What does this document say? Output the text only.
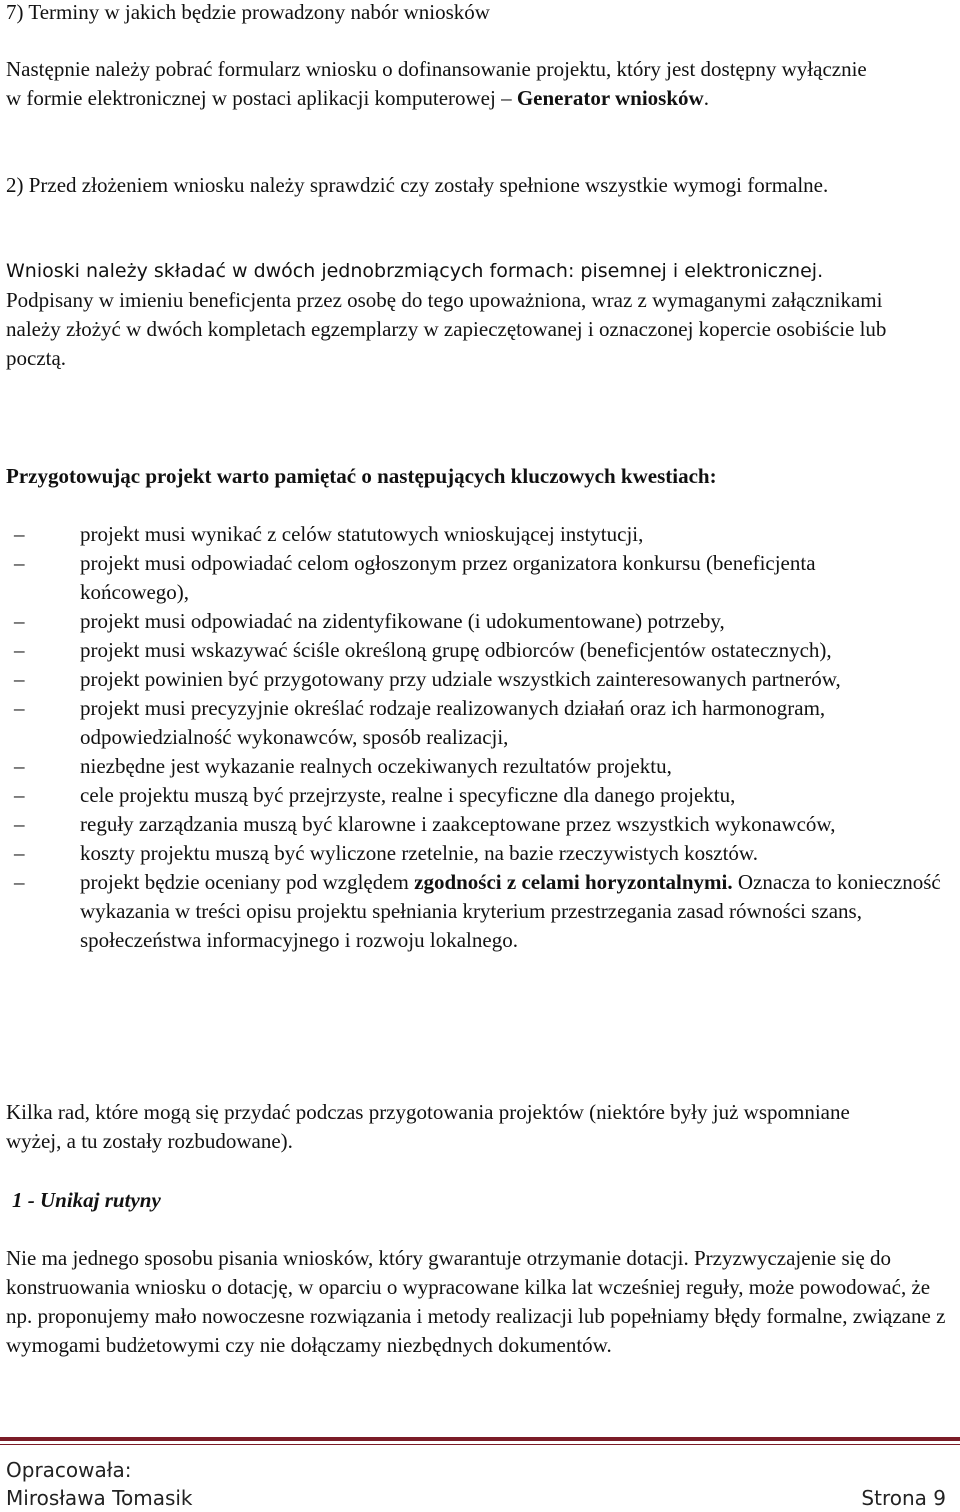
7) Terminy w jakich będzie prowadzony nabór wniosków

Następnie należy pobrać formularz wniosku o dofinansowanie projektu, który jest dostępny wyłącznie w formie elektronicznej w postaci aplikacji komputerowej – Generator wniosków.

2) Przed złożeniem wniosku należy sprawdzić czy zostały spełnione wszystkie wymogi formalne.

Wnioski należy składać w dwóch jednobrzmiących formach: pisemnej i elektronicznej.

Podpisany w imieniu beneficjenta przez osobę do tego upoważniona, wraz z wymaganymi załącznikami należy złożyć w dwóch kompletach egzemplarzy w zapieczętowanej i oznaczonej kopercie osobiście lub pocztą.

Przygotowując projekt warto pamiętać o następujących kluczowych kwestiach:

–	projekt musi wynikać z celów statutowych wnioskującej instytucji,
–	projekt musi odpowiadać celom ogłoszonym przez organizatora konkursu (beneficjenta końcowego),
–	projekt musi odpowiadać na zidentyfikowane (i udokumentowane) potrzeby,
–	projekt musi wskazywać ściśle określoną grupę odbiorców (beneficjentów ostatecznych),
–	projekt powinien być przygotowany przy udziale wszystkich zainteresowanych partnerów,
–	projekt musi precyzyjnie określać rodzaje realizowanych działań oraz ich harmonogram, odpowiedzialność wykonawców, sposób realizacji,
–	niezbędne jest wykazanie realnych oczekiwanych rezultatów projektu,
–	cele projektu muszą być przejrzyste, realne i specyficzne dla danego projektu,
–	reguły zarządzania muszą być klarowne i zaakceptowane przez wszystkich wykonawców,
–	koszty projektu muszą być wyliczone rzetelnie, na bazie rzeczywistych kosztów.
–	projekt będzie oceniany pod względem zgodności z celami horyzontalnymi. Oznacza to konieczność wykazania w treści opisu projektu spełniania kryterium przestrzegania zasad równości szans, społeczeństwa informacyjnego i rozwoju lokalnego.

Kilka rad, które mogą się przydać podczas przygotowania projektów (niektóre były już wspomniane wyżej, a tu zostały rozbudowane).

1 - Unikaj rutyny

Nie ma jednego sposobu pisania wniosków, który gwarantuje otrzymanie dotacji. Przyzwyczajenie się do konstruowania wniosku o dotację, w oparciu o wypracowane kilka lat wcześniej reguły, może powodować, że np. proponujemy mało nowoczesne rozwiązania i metody realizacji lub popełniamy błędy formalne, związane z wymogami budżetowymi czy nie dołączamy niezbędnych dokumentów.

Opracowała:
Mirosława Tomasik	Strona 9
